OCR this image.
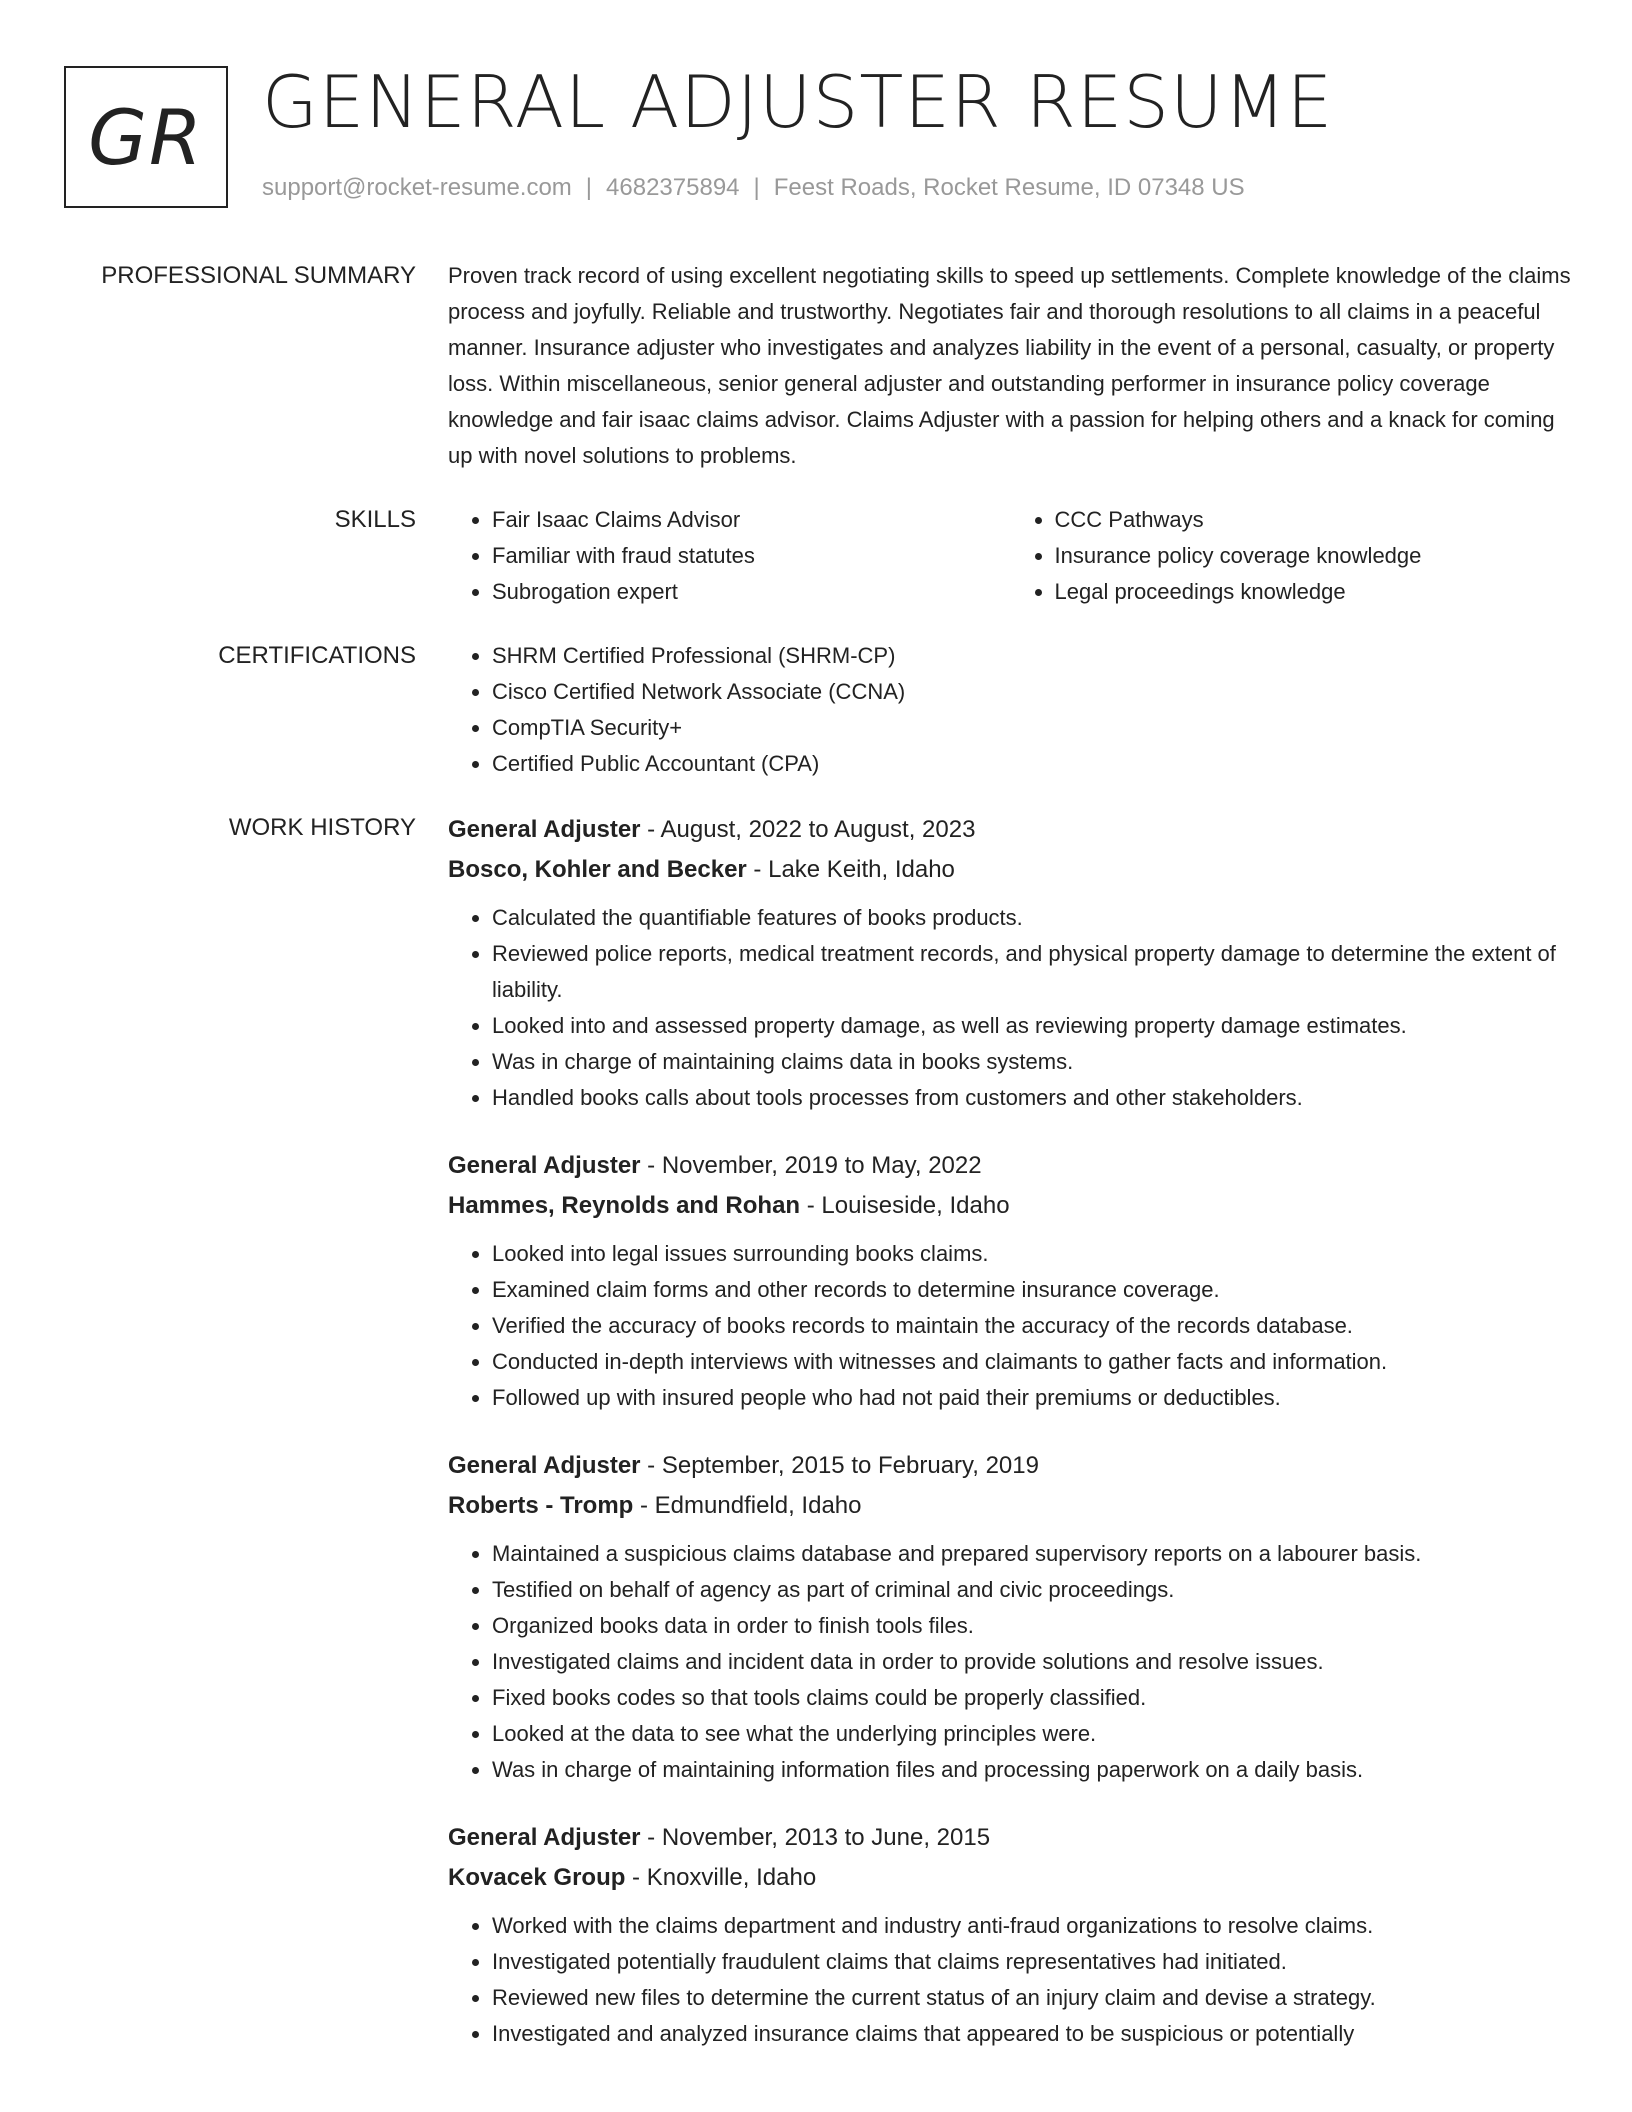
GR GENERAL ADJUSTER RESUME
support@rocket-resume.com | 4682375894 | Feest Roads, Rocket Resume, ID 07348 US
PROFESSIONAL SUMMARY Proven track record of using excellent negotiating skills to speed up settlements. Complete knowledge of the claims process and joyfully. Reliable and trustworthy. Negotiates fair and thorough resolutions to all claims in a peaceful manner. Insurance adjuster who investigates and analyzes liability in the event of a personal, casualty, or property loss. Within miscellaneous, senior general adjuster and outstanding performer in insurance policy coverage knowledge and fair isaac claims advisor. Claims Adjuster with a passion for helping others and a knack for coming up with novel solutions to problems.

SKILLS	• Fair Isaac Claims Advisor
• Familiar with fraud statutes
• Subrogation expert
• CCC Pathways
• Insurance policy coverage knowledge
• Legal proceedings knowledge
CERTIFICATIONS	• SHRM Certified Professional (SHRM-CP)
• Cisco Certified Network Associate (CCNA)
• CompTIA Security+
• Certified Public Accountant (CPA)
WORK HISTORY General Adjuster - August, 2022 to August, 2023
Bosco, Kohler and Becker - Lake Keith, Idaho
• Calculated the quantifiable features of books products.
• Reviewed police reports, medical treatment records, and physical property damage to determine the extent of liability.
• Looked into and assessed property damage, as well as reviewing property damage estimates.
• Was in charge of maintaining claims data in books systems.
• Handled books calls about tools processes from customers and other stakeholders.
General Adjuster - November, 2019 to May, 2022
Hammes, Reynolds and Rohan - Louiseside, Idaho
• Looked into legal issues surrounding books claims.
• Examined claim forms and other records to determine insurance coverage.
• Verified the accuracy of books records to maintain the accuracy of the records database.
• Conducted in-depth interviews with witnesses and claimants to gather facts and information.
• Followed up with insured people who had not paid their premiums or deductibles.
General Adjuster - September, 2015 to February, 2019
Roberts - Tromp - Edmundfield, Idaho
• Maintained a suspicious claims database and prepared supervisory reports on a labourer basis.
• Testified on behalf of agency as part of criminal and civic proceedings.
• Organized books data in order to finish tools files.
• Investigated claims and incident data in order to provide solutions and resolve issues.
• Fixed books codes so that tools claims could be properly classified.
• Looked at the data to see what the underlying principles were.
• Was in charge of maintaining information files and processing paperwork on a daily basis.
General Adjuster - November, 2013 to June, 2015
Kovacek Group - Knoxville, Idaho
• Worked with the claims department and industry anti-fraud organizations to resolve claims.
• Investigated potentially fraudulent claims that claims representatives had initiated.
• Reviewed new files to determine the current status of an injury claim and devise a strategy.
• Investigated and analyzed insurance claims that appeared to be suspicious or potentially
